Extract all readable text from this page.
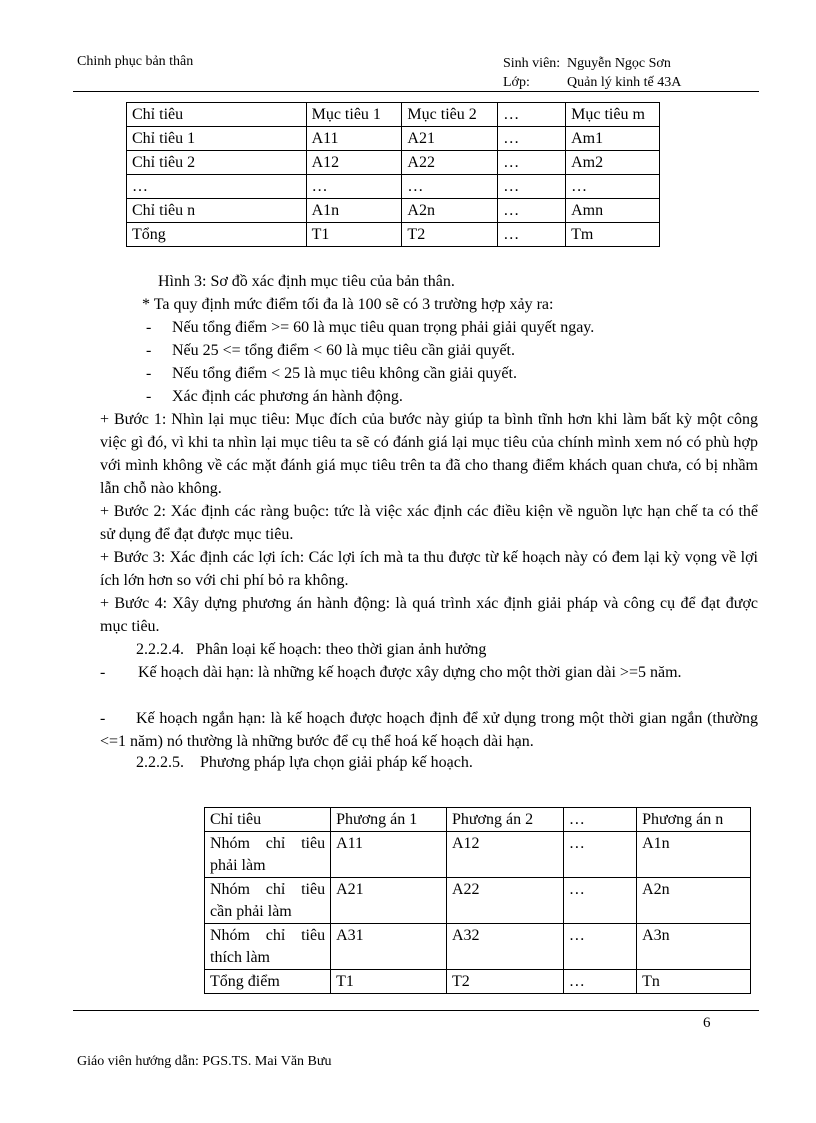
Chinh phục bản thân	Sinh viên: Nguyễn Ngọc Sơn
Lớp:	Quản lý kinh tế 43A
Chỉ tiêu	Mục tiêu 1	Mục tiêu 2	…	Mục tiêu m
Chỉ tiêu 1	A11	A21	…	Am1
Chỉ tiêu 2	A12	A22	…	Am2
…	…	…	…	…
Chỉ tiêu n	A1n	A2n	…	Amn
Tổng	T1	T2	…	Tm
Hình 3: Sơ đồ xác định mục tiêu của bản thân.
* Ta quy định mức điểm tối đa là 100 sẽ có 3 trường hợp xảy ra:
- Nếu tổng điểm >= 60 là mục tiêu quan trọng phải giải quyết ngay.
- Nếu 25 <= tổng điểm < 60 là mục tiêu cần giải quyết.
- Nếu tổng điểm < 25 là mục tiêu không cần giải quyết.
- Xác định các phương án hành động.
+ Bước 1: Nhìn lại mục tiêu: Mục đích của bước này giúp ta bình tĩnh hơn khi làm bất kỳ một công việc gì đó, vì khi ta nhìn lại mục tiêu ta sẽ có đánh giá lại mục tiêu của chính mình xem nó có phù hợp với mình không về các mặt đánh giá mục tiêu trên ta đã cho thang điểm khách quan chưa, có bị nhầm lẫn chỗ nào không.
+ Bước 2: Xác định các ràng buộc: tức là việc xác định các điều kiện về nguồn lực hạn chế ta có thể sử dụng để đạt được mục tiêu.
+ Bước 3: Xác định các lợi ích: Các lợi ích mà ta thu được từ kế hoạch này có đem lại kỳ vọng về lợi ích lớn hơn so với chi phí bỏ ra không.
+ Bước 4: Xây dựng phương án hành động: là quá trình xác định giải pháp và công cụ để đạt được mục tiêu.
2.2.2.4.   Phân loại kế hoạch: theo thời gian ảnh hưởng
- Kế hoạch dài hạn: là những kế hoạch được xây dựng cho một thời gian dài >=5 năm.
- Kế hoạch ngắn hạn: là kế hoạch được hoạch định để xử dụng trong một thời gian ngắn (thường <=1 năm) nó thường là những bước để cụ thể hoá kế hoạch dài hạn.
2.2.2.5.    Phương pháp lựa chọn giải pháp kế hoạch.
Chỉ tiêu	Phương án 1	Phương án 2	…	Phương án n
Nhóm chỉ tiêu phải làm	A11	A12	…	A1n
Nhóm chỉ tiêu cần phải làm	A21	A22	…	A2n
Nhóm chỉ tiêu thích làm	A31	A32	…	A3n
Tổng điểm	T1	T2	…	Tn
6
Giáo viên hướng dẫn: PGS.TS. Mai Văn Bưu
